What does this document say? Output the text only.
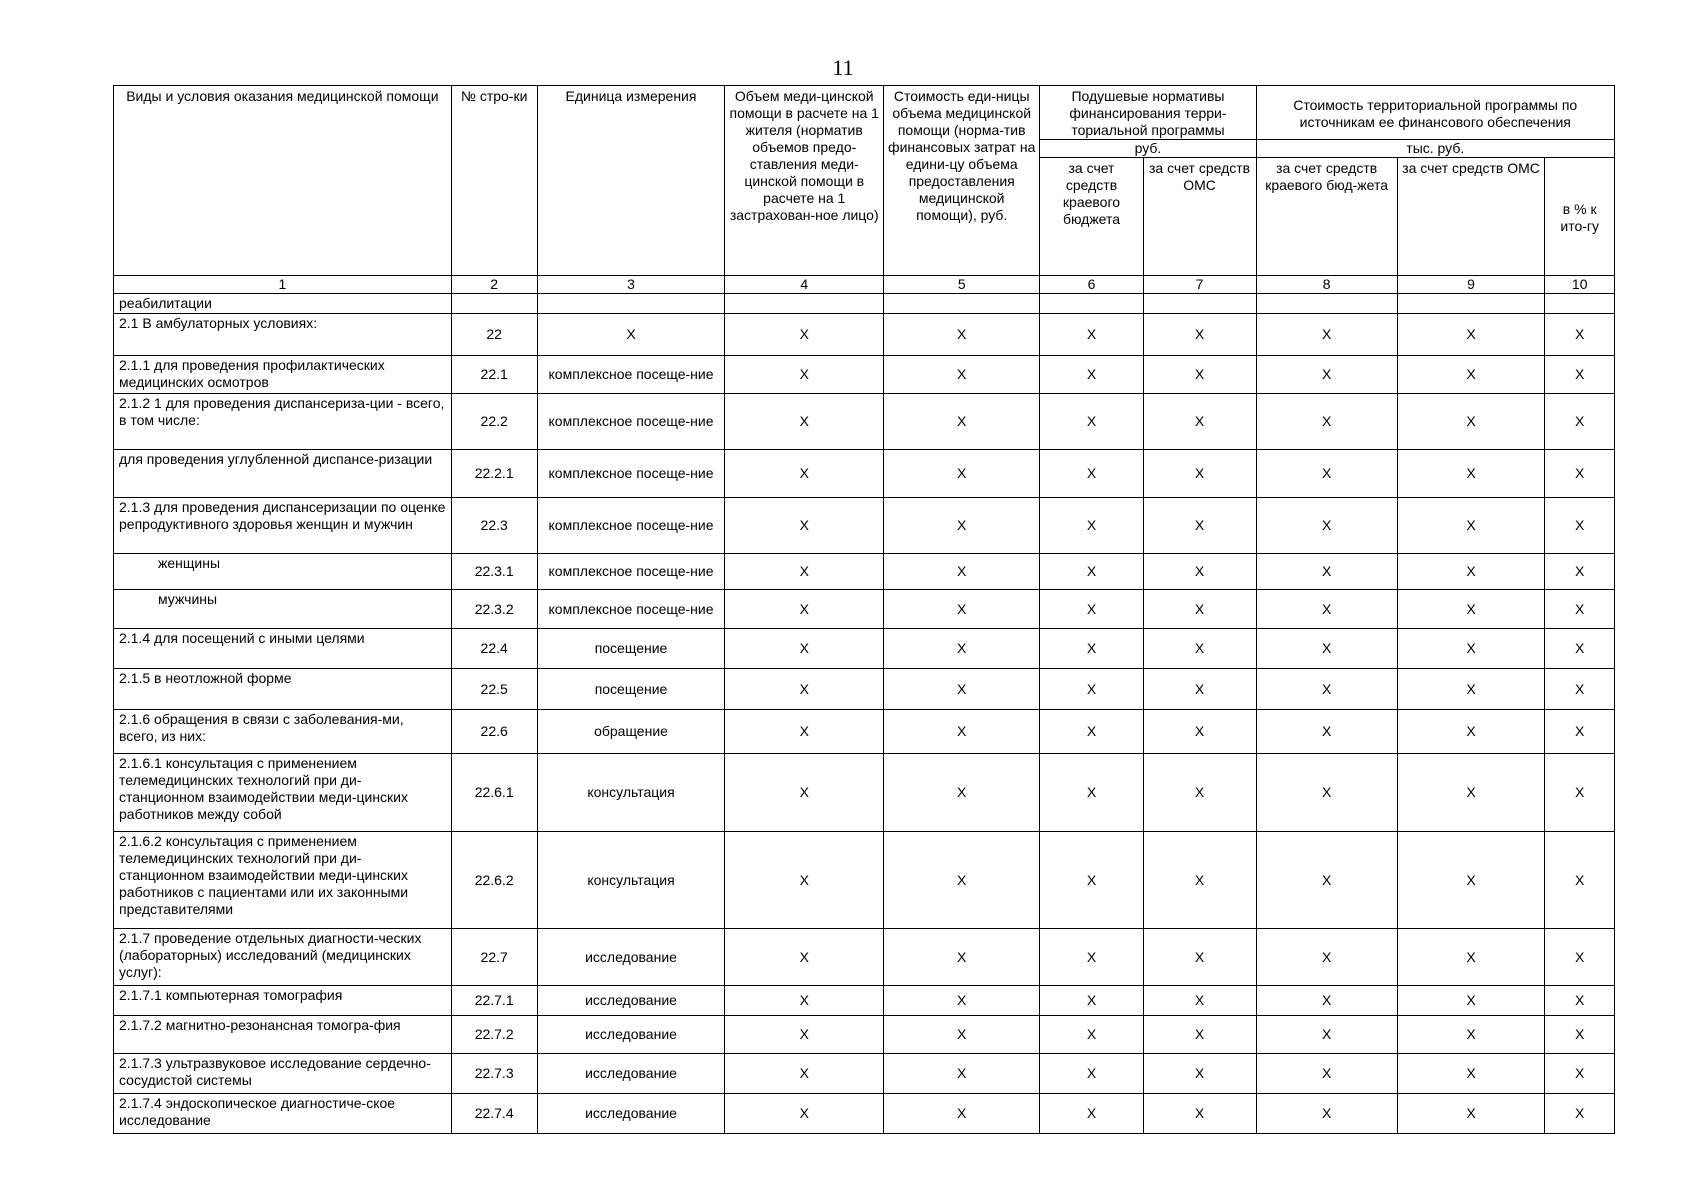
11
Виды и условия оказания медицинской помощи	№ стро-ки	Единица измерения	Объем меди-цинской помощи в расчете на 1 жителя (норматив объемов предо-ставления меди-цинской помощи в расчете на 1 застрахован-ное лицо)	Стоимость еди-ницы объема медицинской помощи (норма-тив финансовых затрат на едини-цу объема предоставления медицинской помощи), руб.	Подушевые нормативы финансирования терри-ториальной программы		Стоимость территориальной программы по источникам ее финансового обеспечения		

					руб.		тыс. руб.		
					за счет средств краевого бюджета	за счет средств ОМС	за счет средств краевого бюд-жета	за счет средств ОМС	в % к ито-гу
1	2	3	4	5	6	7	8	9	10
реабилитации									
2.1 В амбулаторных условиях:	22	Х	Х	Х	Х	Х	Х	Х	Х
2.1.1 для проведения профилактических медицинских осмотров	22.1	комплексное посеще-ние	Х	Х	Х	Х	Х	Х	Х
2.1.2 1 для проведения диспансериза-ции - всего, в том числе:	22.2	комплексное посеще-ние	Х	Х	Х	Х	Х	Х	Х
для проведения углубленной диспансе-ризации	22.2.1	комплексное посеще-ние	Х	Х	Х	Х	Х	Х	Х
2.1.3 для проведения диспансеризации по оценке репродуктивного здоровья женщин и мужчин	22.3	комплексное посеще-ние	Х	Х	Х	Х	Х	Х	Х
женщины	22.3.1	комплексное посеще-ние	Х	Х	Х	Х	Х	Х	Х
мужчины	22.3.2	комплексное посеще-ние	Х	Х	Х	Х	Х	Х	Х
2.1.4 для посещений с иными целями	22.4	посещение	Х	Х	Х	Х	Х	Х	Х
2.1.5 в неотложной форме	22.5	посещение	Х	Х	Х	Х	Х	Х	Х
2.1.6 обращения в связи с заболевания-ми, всего, из них:	22.6	обращение	Х	Х	Х	Х	Х	Х	Х
2.1.6.1 консультация с применением телемедицинских технологий при ди-станционном взаимодействии меди-цинских работников между собой	22.6.1	консультация	Х	Х	Х	Х	Х	Х	Х
2.1.6.2 консультация с применением телемедицинских технологий при ди-станционном взаимодействии меди-цинских работников с пациентами или их законными представителями	22.6.2	консультация	Х	Х	Х	Х	Х	Х	Х
2.1.7 проведение отдельных диагности-ческих (лабораторных) исследований (медицинских услуг):	22.7	исследование	Х	Х	Х	Х	Х	Х	Х
2.1.7.1 компьютерная томография	22.7.1	исследование	Х	Х	Х	Х	Х	Х	Х
2.1.7.2 магнитно-резонансная томогра-фия	22.7.2	исследование	Х	Х	Х	Х	Х	Х	Х
2.1.7.3 ультразвуковое исследование сердечно-сосудистой системы	22.7.3	исследование	Х	Х	Х	Х	Х	Х	Х
2.1.7.4 эндоскопическое диагностиче-ское исследование	22.7.4	исследование	Х	Х	Х	Х	Х	Х	Х
